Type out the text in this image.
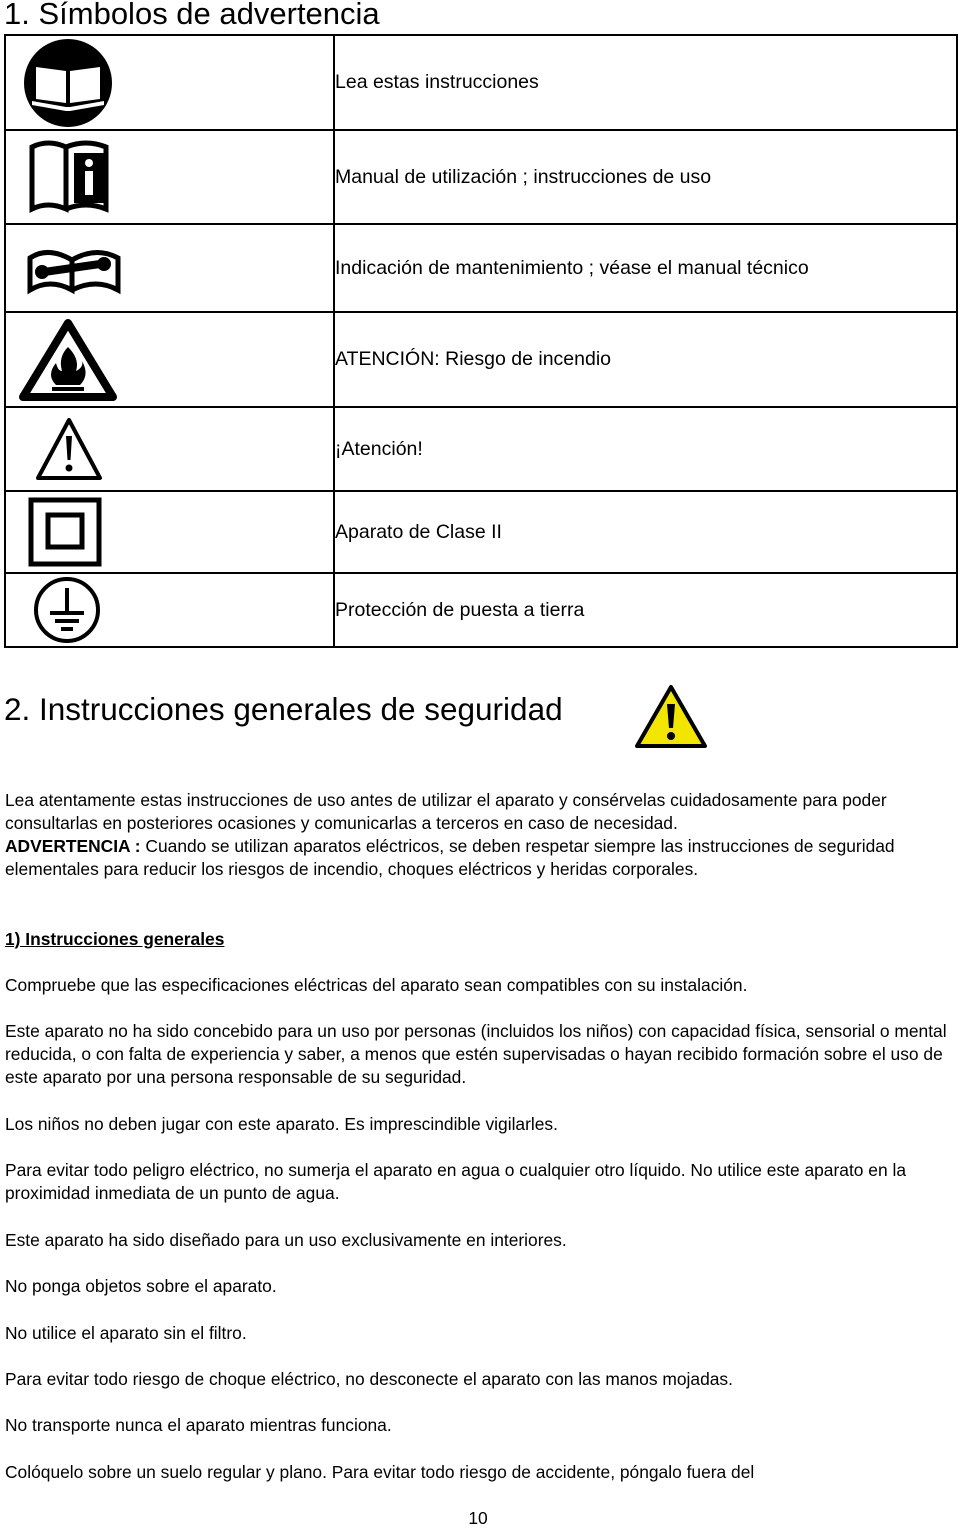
1. Símbolos de advertencia
	Lea estas instrucciones

	Manual de utilización ; instrucciones de uso

	Indicación de mantenimiento ; véase el manual técnico

	ATENCIÓN: Riesgo de incendio

	¡Atención!

	Aparato de Clase II

	Protección de puesta a tierra
2. Instrucciones generales de seguridad

Lea atentamente estas instrucciones de uso antes de utilizar el aparato y consérvelas cuidadosamente para poder consultarlas en posteriores ocasiones y comunicarlas a terceros en caso de necesidad.
ADVERTENCIA : Cuando se utilizan aparatos eléctricos, se deben respetar siempre las instrucciones de seguridad elementales para reducir los riesgos de incendio, choques eléctricos y heridas corporales.

1) Instrucciones generales

Compruebe que las especificaciones eléctricas del aparato sean compatibles con su instalación.

Este aparato no ha sido concebido para un uso por personas (incluidos los niños) con capacidad física, sensorial o mental reducida, o con falta de experiencia y saber, a menos que estén supervisadas o hayan recibido formación sobre el uso de este aparato por una persona responsable de su seguridad.

Los niños no deben jugar con este aparato. Es imprescindible vigilarles.

Para evitar todo peligro eléctrico, no sumerja el aparato en agua o cualquier otro líquido. No utilice este aparato en la proximidad inmediata de un punto de agua.

Este aparato ha sido diseñado para un uso exclusivamente en interiores.

No ponga objetos sobre el aparato.

No utilice el aparato sin el filtro.

Para evitar todo riesgo de choque eléctrico, no desconecte el aparato con las manos mojadas.

No transporte nunca el aparato mientras funciona.

Colóquelo sobre un suelo regular y plano. Para evitar todo riesgo de accidente, póngalo fuera del

10
